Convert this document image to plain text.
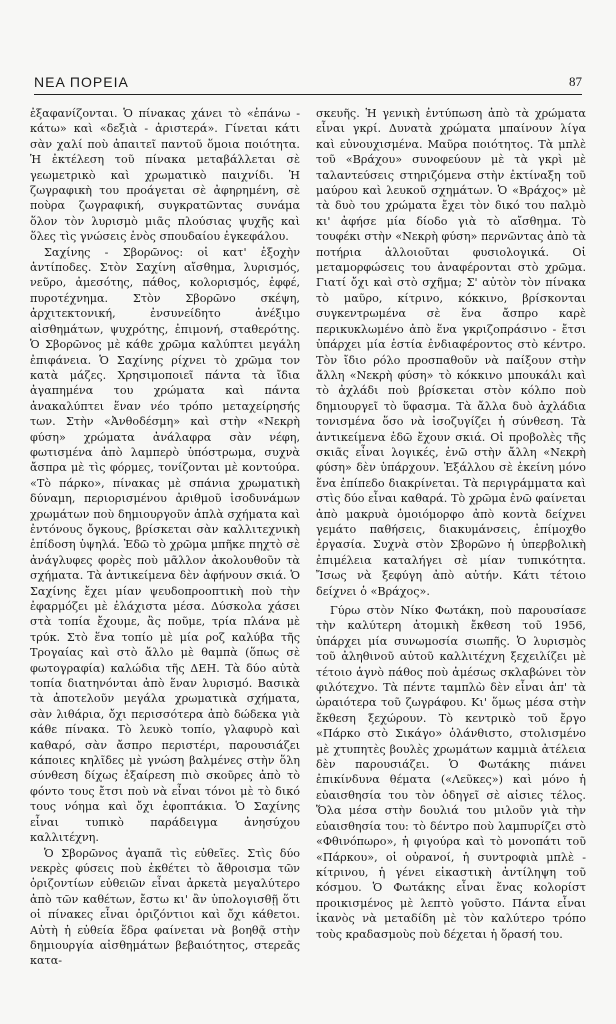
ΝΕΑ ΠΟΡΕΙΑ	87

ἐξαφανίζονται. Ὁ πίνακας χάνει τὸ «ἐπάνω - κάτω» καὶ «δεξιὰ - ἀριστερά». Γίνεται κάτι σὰν χαλί ποὺ ἀπαιτεῖ παντοῦ ὅμοια ποιότητα. Ἡ ἐκτέλεση τοῦ πίνακα μεταβάλλεται σὲ γεωμετρικὸ καὶ χρωματικὸ παιχνίδι. Ἡ ζωγραφικὴ του προάγεται σὲ ἀφηρημένη, σὲ ποὺρα ζωγραφική, συγκρατῶντας συνάμα ὅλον τὸν λυρισμὸ μιᾶς πλούσιας ψυχῆς καὶ ὅλες τὶς γνώσεις ἑνὸς σπουδαίου ἐγκεφάλου.

Σαχίνης - Σβορῶνος: οἱ κατ' ἐξοχὴν ἀντίποδες. Στὸν Σαχίνη αἴσθημα, λυρισμός, νεῦρο, ἀμεσότης, πάθος, κολορισμός, ἐφφέ, πυροτέχνημα. Στὸν Σβορῶνο σκέψη, ἀρχιτεκτονική, ἐνσυνείδητο ἀνέξιμο αἰσθημάτων, ψυχρότης, ἐπιμονή, σταθερότης. Ὁ Σβορῶνος μὲ κάθε χρῶμα καλύπτει μεγάλη ἐπιφάνεια. Ὁ Σαχίνης ρίχνει τὸ χρῶμα τον κατὰ μάζες. Χρησιμοποιεῖ πάντα τὰ ἴδια ἀγαπημένα του χρώματα καὶ πάντα ἀνακαλύπτει ἕναν νέο τρόπο μεταχείρησής των. Στὴν «Ἀνθοδέσμη» καὶ στὴν «Νεκρὴ φύση» χρώματα ἀνάλαφρα σὰν νέφη, φωτισμένα ἀπὸ λαμπερὸ ὑπόστρωμα, συχνὰ ἄσπρα μὲ τὶς φόρμες, τονίζονται μὲ κοντούρα. «Τὸ πάρκο», πίνακας μὲ σπάνια χρωματικὴ δύναμη, περιορισμένου ἀριθμοῦ ἰσοδυνάμων χρωμάτων ποὺ δημιουργοῦν ἁπλὰ σχήματα καὶ ἐντόνους ὄγκους, βρίσκεται σὰν καλλιτεχνικὴ ἐπίδοση ὑψηλά. Ἐδῶ τὸ χρῶμα μπῆκε πηχτὸ σὲ ἀνάγλυφες φορὲς ποὺ μᾶλλον ἀκολουθοῦν τὰ σχήματα. Τὰ ἀντικείμενα δὲν ἀφήνουν σκιά. Ὁ Σαχίνης ἔχει μίαν ψευδοπροοπτικὴ ποὺ τὴν ἐφαρμόζει μὲ ἐλάχιστα μέσα. Δύσκολα χάσει στὰ τοπία ἔχουμε, ἂς ποῦμε, τρία πλάνα μὲ τρύκ. Στὸ ἕνα τοπίο μὲ μία ροζ καλύβα τῆς Τρογαίας καὶ στὸ ἄλλο μὲ θαμπὰ (ὅπως σὲ φωτογραφία) καλώδια τῆς ΔΕΗ. Τὰ δύο αὐτὰ τοπία διατηνόνται ἀπὸ ἕναν λυρισμό. Βασικὰ τὰ ἀποτελοῦν μεγάλα χρωματικὰ σχήματα, σὰν λιθάρια, ὄχι περισσότερα ἀπὸ δώδεκα γιὰ κάθε πίνακα. Τὸ λευκὸ τοπίο, γλαφυρὸ καὶ καθαρό, σὰν ἄσπρο περιστέρι, παρουσιάζει κάποιες κηλῖδες μὲ γνώση βαλμένες στὴν ὅλη σύνθεση δίχως ἐξαίρεση πιὸ σκοῦρες ἀπὸ τὸ φόντο τους ἔτσι ποὺ νὰ εἶναι τόνοι μὲ τὸ δικό τους νόημα καὶ ὄχι ἐφοπτάκια. Ὁ Σαχίνης εἶναι τυπικὸ παράδειγμα ἀνησύχου καλλιτέχνη.

Ὁ Σβορῶνος ἀγαπᾶ τὶς εὐθεῖες. Στὶς δύο νεκρὲς φύσεις ποὺ ἐκθέτει τὸ ἄθροισμα τῶν ὁριζοντίων εὐθειῶν εἶναι ἀρκετὰ μεγαλύτερο ἀπὸ τῶν καθέτων, ἔστω κι' ἂν ὑπολογισθῇ ὅτι οἱ πίνακες εἶναι ὁριζόντιοι καὶ ὄχι κάθετοι. Αὐτὴ ἡ εὐθεία ἕδρα φαίνεται νὰ βοηθᾷ στὴν δημιουργία αἰσθημάτων βεβαιότητος, στερεᾶς κατα-

σκευῆς. Ἡ γενικὴ ἐντύπωση ἀπὸ τὰ χρώματα εἶναι γκρί. Δυνατὰ χρώματα μπαίνουν λίγα καὶ εὐνουχισμένα. Μαῦρα ποιότητος. Τὰ μπλὲ τοῦ «Βράχου» συνοφεύουν μὲ τὰ γκρὶ μὲ ταλαντεύσεις στηριζόμενα στὴν ἐκτίναξη τοῦ μαύρου καὶ λευκοῦ σχημάτων. Ὁ «Βράχος» μὲ τὰ δυὸ του χρώματα ἔχει τὸν δικό του παλμὸ κι' ἀφήσε μία δίοδο γιὰ τὸ αἴσθημα. Τὸ τουφέκι στὴν «Νεκρὴ φύση» περνῶντας ἀπὸ τὰ ποτήρια ἀλλοιοῦται φυσιολογικά. Οἱ μεταμορφώσεις του ἀναφέρονται στὸ χρῶμα. Γιατί ὄχι καὶ στὸ σχῆμα; Σ' αὐτὸν τὸν πίνακα τὸ μαῦρο, κίτρινο, κόκκινο, βρίσκονται συγκεντρωμένα σὲ ἕνα ἄσπρο καρὲ περικυκλωμένο ἀπὸ ἕνα γκριζοπράσινο - ἔτσι ὑπάρχει μία ἑστία ἐνδιαφέροντος στὸ κέντρο. Τὸν ἴδιο ρόλο προσπαθοῦν νὰ παίξουν στὴν ἄλλη «Νεκρὴ φύση» τὸ κόκκινο μπουκάλι καὶ τὸ ἀχλάδι ποὺ βρίσκεται στὸν κόλπο ποὺ δημιουργεῖ τὸ ὕφασμα. Τὰ ἄλλα δυὸ ἀχλάδια τονισμένα ὅσο νὰ ἰσοζυγίζει ἡ σύνθεση. Τὰ ἀντικείμενα ἐδῶ ἔχουν σκιά. Οἱ προβολὲς τῆς σκιᾶς εἶναι λογικές, ἐνῶ στὴν ἄλλη «Νεκρὴ φύση» δὲν ὑπάρχουν. Ἐξάλλου σὲ ἐκείνη μόνο ἕνα ἐπίπεδο διακρίνεται. Τὰ περιγράμματα καὶ στὶς δύο εἶναι καθαρά. Τὸ χρῶμα ἐνῶ φαίνεται ἀπὸ μακρυὰ ὁμοιόμορφο ἀπὸ κοντὰ δείχνει γεμάτο παθήσεις, διακυμάνσεις, ἐπίμοχθο ἐργασία. Συχνὰ στὸν Σβορῶνο ἡ ὑπερβολικὴ ἐπιμέλεια καταλήγει σὲ μίαν τυπικότητα. Ἴσως νὰ ξεφύγη ἀπὸ αὐτήν. Κάτι τέτοιο δείχνει ὁ «Βράχος».

Γύρω στὸν Νίκο Φωτάκη, ποὺ παρουσίασε τὴν καλύτερη ἀτομικὴ ἔκθεση τοῦ 1956, ὑπάρχει μία συνωμοσία σιωπῆς. Ὁ λυρισμὸς τοῦ ἀληθινοῦ αὐτοῦ καλλιτέχνη ξεχειλίζει μὲ τέτοιο ἁγνὸ πάθος ποὺ ἀμέσως σκλαβώνει τὸν φιλότεχνο. Τὰ πέντε ταμπλὼ δὲν εἶναι ἀπ' τὰ ὡραιότερα τοῦ ζωγράφου. Κι' ὅμως μέσα στὴν ἔκθεση ξεχώρουν. Τὸ κεντρικὸ τοῦ ἔργο «Πάρκο στὸ Σικάγο» ὁλάνθιστο, στολισμένο μὲ χτυπητὲς βουλὲς χρωμάτων καμμιὰ ἀτέλεια δὲν παρουσιάζει. Ὁ Φωτάκης πιάνει ἐπικίνδυνα θέματα («Λεῦκες») καὶ μόνο ἡ εὐαισθησία του τὸν ὁδηγεῖ σὲ αἰσιες τέλος. Ὅλα μέσα στὴν δουλιά του μιλοῦν γιὰ τὴν εὐαισθησία του: τὸ δέντρο ποὺ λαμπυρίζει στὸ «Φθινόπωρο», ἡ φιγούρα καὶ τὸ μονοπάτι τοῦ «Πάρκου», οἱ οὐρανοί, ἡ συντροφιὰ μπλὲ - κίτρινου, ἡ γένει εἰκαστικὴ ἀντίληψη τοῦ κόσμου. Ὁ Φωτάκης εἶναι ἕνας κολορίστ προικισμένος μὲ λεπτὸ γοῦστο. Πάντα εἶναι ἱκανὸς νὰ μεταδίδη μὲ τὸν καλύτερο τρόπο τοὺς κραδασμοὺς ποὺ δέχεται ἡ ὅρασή του.
